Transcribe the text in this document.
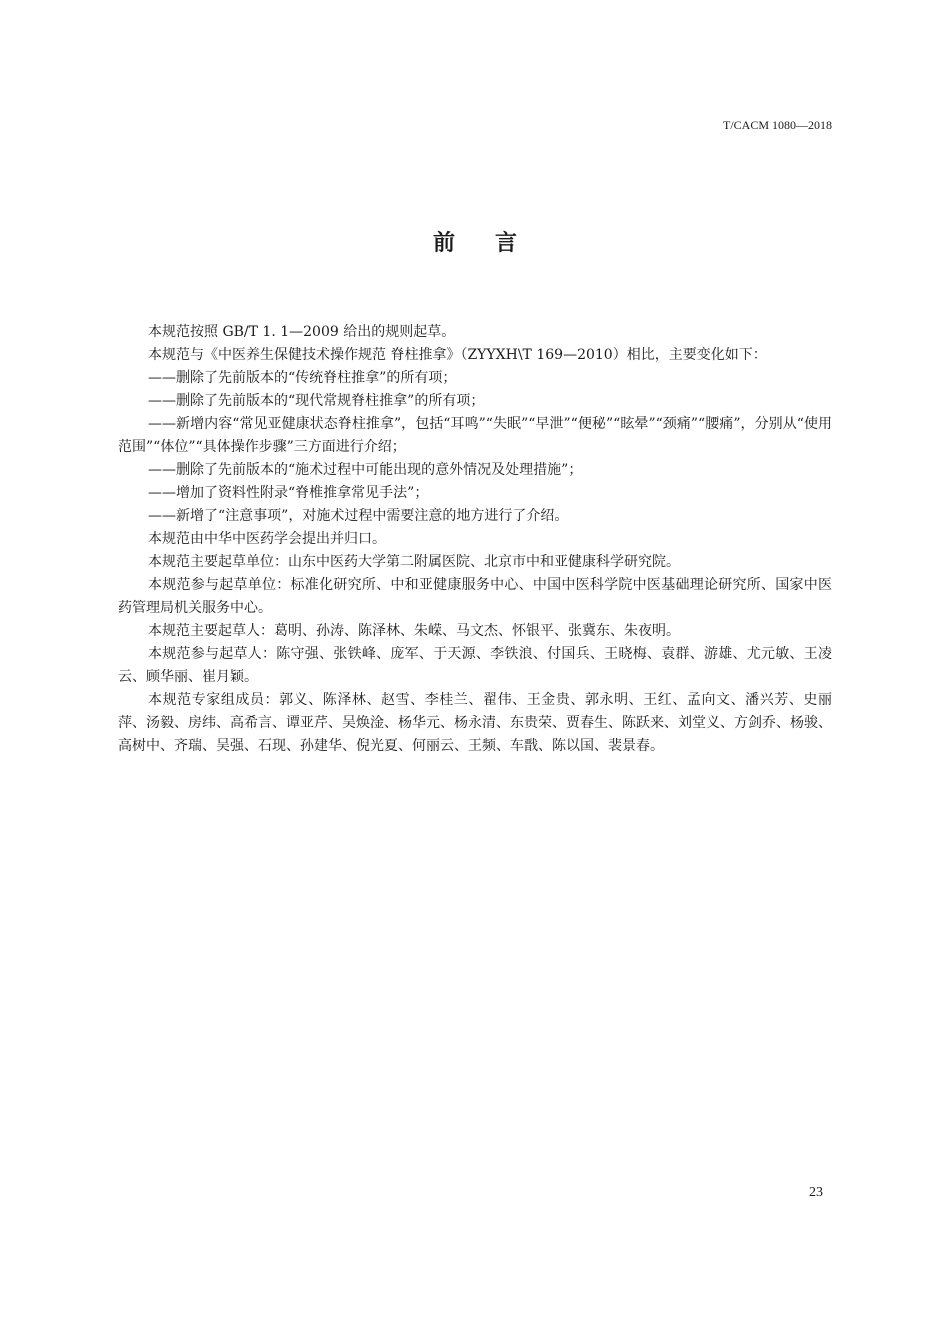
T/CACM 1080—2018
前言

本规范按照 GB/T 1. 1—2009 给出的规则起草。

本规范与《中医养生保健技术操作规范 脊柱推拿》（ZYYXH\T 169—2010）相比，主要变化如下：

——删除了先前版本的“传统脊柱推拿”的所有项；

——删除了先前版本的“现代常规脊柱推拿”的所有项；

——新增内容“常见亚健康状态脊柱推拿”，包括“耳鸣”“失眠”“早泄”“便秘”“眩晕”“颈痛”“腰痛”，分别从“使用范围”“体位”“具体操作步骤”三方面进行介绍；

——删除了先前版本的“施术过程中可能出现的意外情况及处理措施”；

——增加了资料性附录“脊椎推拿常见手法”；

——新增了“注意事项”，对施术过程中需要注意的地方进行了介绍。

本规范由中华中医药学会提出并归口。

本规范主要起草单位：山东中医药大学第二附属医院、北京市中和亚健康科学研究院。

本规范参与起草单位：标准化研究所、中和亚健康服务中心、中国中医科学院中医基础理论研究所、国家中医药管理局机关服务中心。

本规范主要起草人：葛明、孙涛、陈泽林、朱嵘、马文杰、怀银平、张冀东、朱夜明。

本规范参与起草人：陈守强、张铁峰、庞军、于天源、李铁浪、付国兵、王晓梅、袁群、游雄、尤元敏、王凌云、顾华丽、崔月颖。

本规范专家组成员：郭义、陈泽林、赵雪、李桂兰、翟伟、王金贵、郭永明、王红、孟向文、潘兴芳、史丽萍、汤毅、房纬、高希言、谭亚芹、吴焕淦、杨华元、杨永清、东贵荣、贾春生、陈跃来、刘堂义、方剑乔、杨骏、高树中、齐瑞、吴强、石现、孙建华、倪光夏、何丽云、王频、车戬、陈以国、裴景春。

23
